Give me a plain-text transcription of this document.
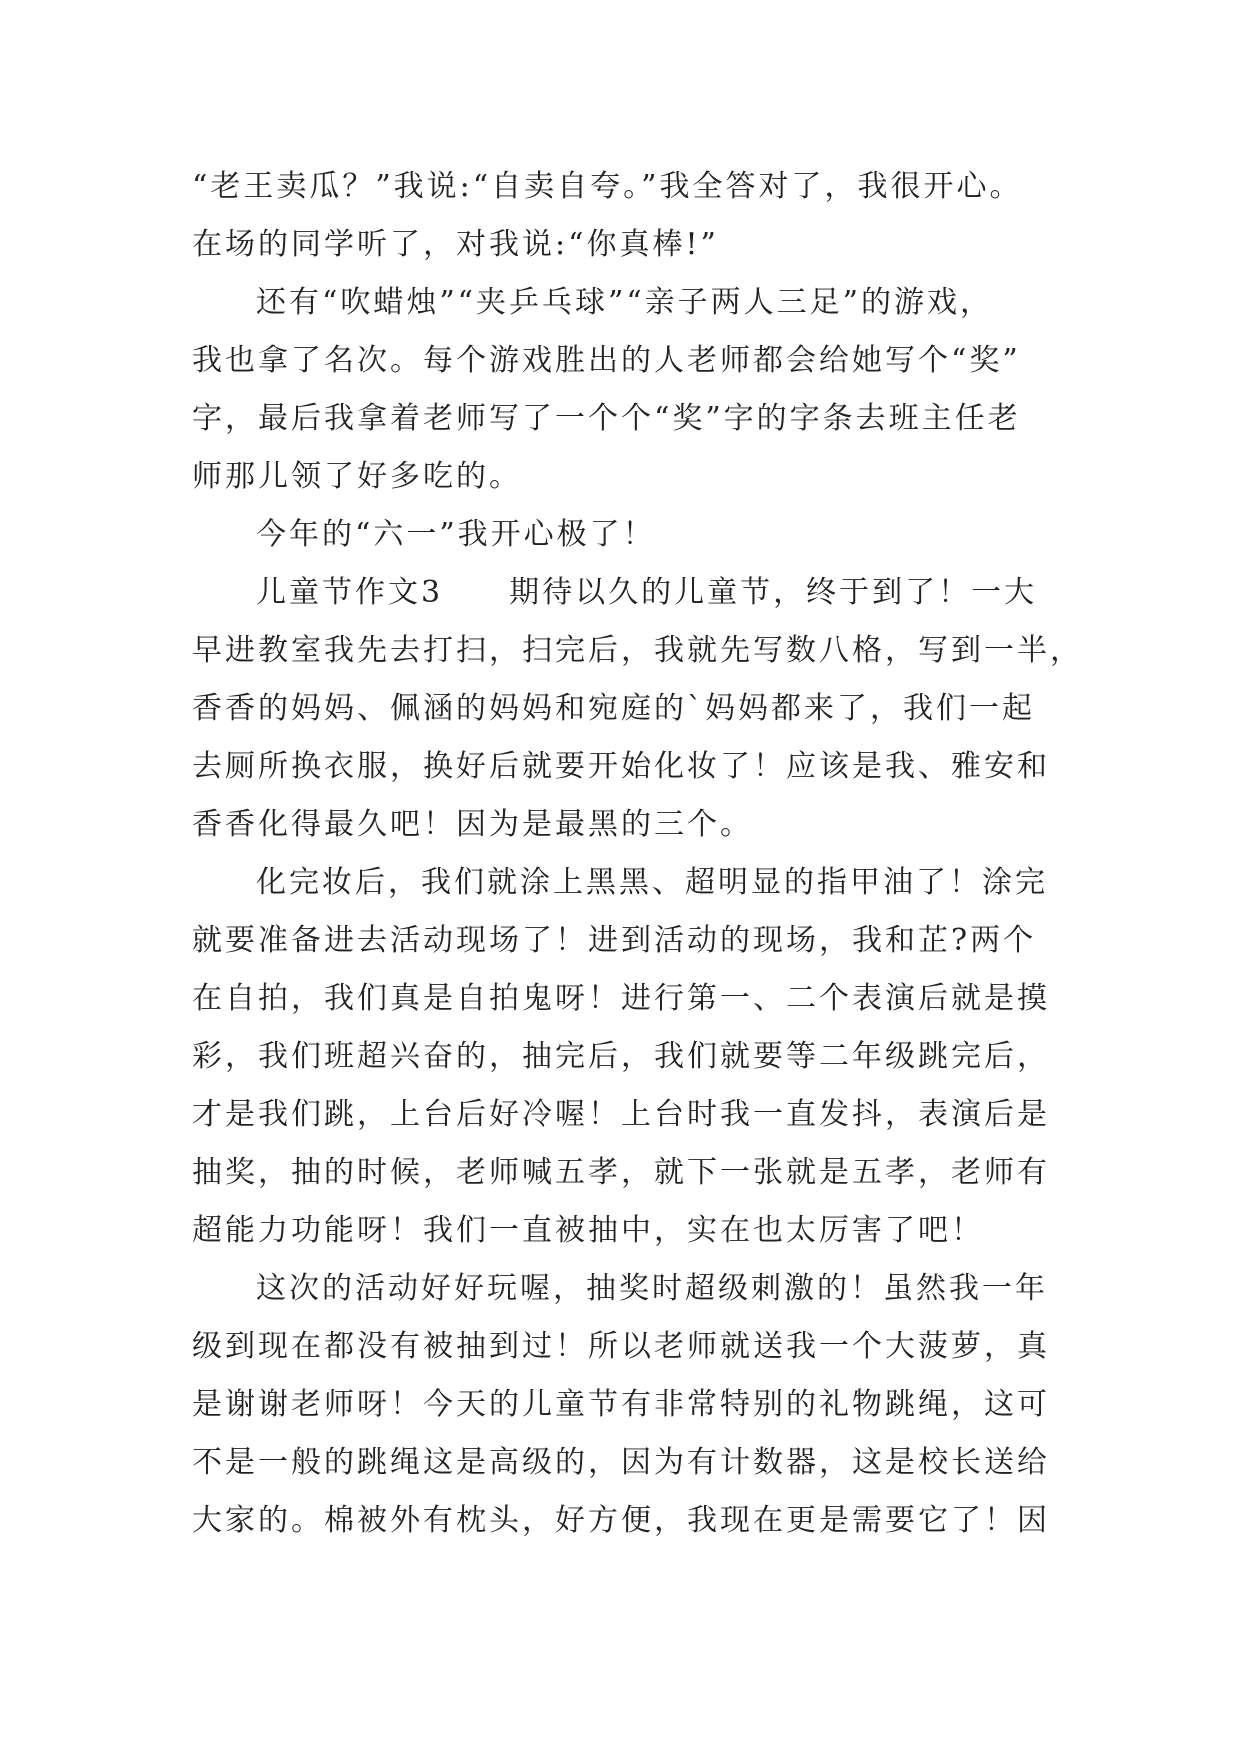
“老王卖瓜？”我说:“自卖自夸。”我全答对了，我很开心。
在场的同学听了，对我说:“你真棒!”
还有“吹蜡烛”“夹乒乓球”“亲子两人三足”的游戏，
我也拿了名次。每个游戏胜出的人老师都会给她写个“奖”
字，最后我拿着老师写了一个个“奖”字的字条去班主任老
师那儿领了好多吃的。
今年的“六一”我开心极了！
儿童节作文3　　期待以久的儿童节，终于到了！一大
早进教室我先去打扫，扫完后，我就先写数八格，写到一半，
香香的妈妈、佩涵的妈妈和宛庭的`妈妈都来了，我们一起
去厕所换衣服，换好后就要开始化妆了！应该是我、雅安和
香香化得最久吧！因为是最黑的三个。
化完妆后，我们就涂上黑黑、超明显的指甲油了！涂完
就要准备进去活动现场了！进到活动的现场，我和芷?两个
在自拍，我们真是自拍鬼呀！进行第一、二个表演后就是摸
彩，我们班超兴奋的，抽完后，我们就要等二年级跳完后，
才是我们跳，上台后好冷喔！上台时我一直发抖，表演后是
抽奖，抽的时候，老师喊五孝，就下一张就是五孝，老师有
超能力功能呀！我们一直被抽中，实在也太厉害了吧！
这次的活动好好玩喔，抽奖时超级刺激的！虽然我一年
级到现在都没有被抽到过！所以老师就送我一个大菠萝，真
是谢谢老师呀！今天的儿童节有非常特别的礼物跳绳，这可
不是一般的跳绳这是高级的，因为有计数器，这是校长送给
大家的。棉被外有枕头，好方便，我现在更是需要它了！因
